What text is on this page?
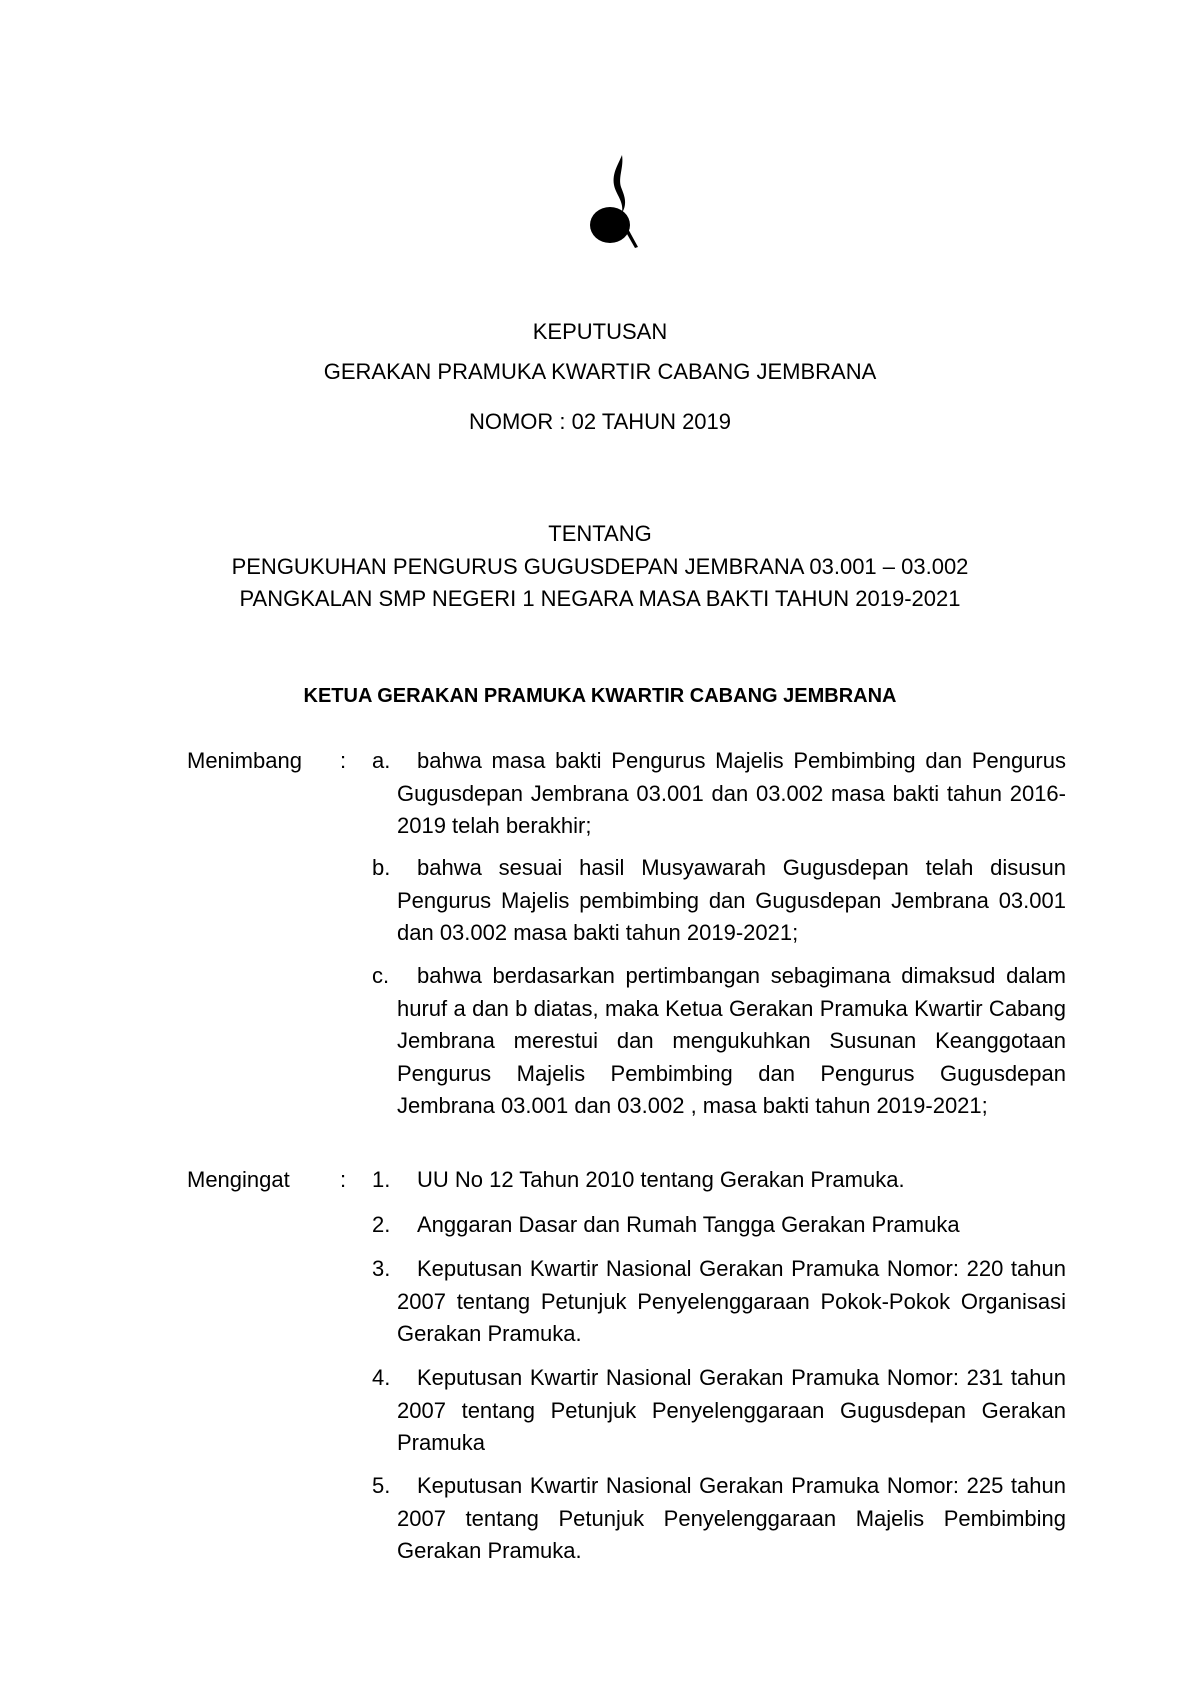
KEPUTUSAN
GERAKAN PRAMUKA KWARTIR CABANG JEMBRANA
NOMOR : 02 TAHUN 2019
TENTANG
PENGUKUHAN PENGURUS GUGUSDEPAN JEMBRANA 03.001 – 03.002
PANGKALAN SMP NEGERI 1 NEGARA MASA BAKTI TAHUN 2019-2021
KETUA GERAKAN PRAMUKA KWARTIR CABANG JEMBRANA
Menimbang : a.	bahwa masa bakti Pengurus Majelis Pembimbing dan Pengurus Gugusdepan Jembrana 03.001 dan 03.002 masa bakti tahun 2016-2019 telah berakhir;
b.	bahwa sesuai hasil Musyawarah Gugusdepan telah disusun Pengurus Majelis pembimbing dan Gugusdepan Jembrana 03.001 dan 03.002 masa bakti tahun 2019-2021;
c.	bahwa berdasarkan pertimbangan sebagimana dimaksud dalam huruf a dan b diatas, maka Ketua Gerakan Pramuka Kwartir Cabang Jembrana merestui dan mengukuhkan Susunan Keanggotaan Pengurus Majelis Pembimbing dan Pengurus Gugusdepan Jembrana 03.001 dan 03.002 , masa bakti tahun 2019-2021;
Mengingat : 1.	UU No 12 Tahun 2010 tentang Gerakan Pramuka.
2.	Anggaran Dasar dan Rumah Tangga Gerakan Pramuka
3.	Keputusan Kwartir Nasional Gerakan Pramuka Nomor: 220 tahun 2007 tentang Petunjuk Penyelenggaraan Pokok-Pokok Organisasi Gerakan Pramuka.
4.	Keputusan Kwartir Nasional Gerakan Pramuka Nomor: 231 tahun 2007 tentang Petunjuk Penyelenggaraan Gugusdepan Gerakan Pramuka
5.	Keputusan Kwartir Nasional Gerakan Pramuka Nomor: 225 tahun 2007 tentang Petunjuk Penyelenggaraan Majelis Pembimbing Gerakan Pramuka.
